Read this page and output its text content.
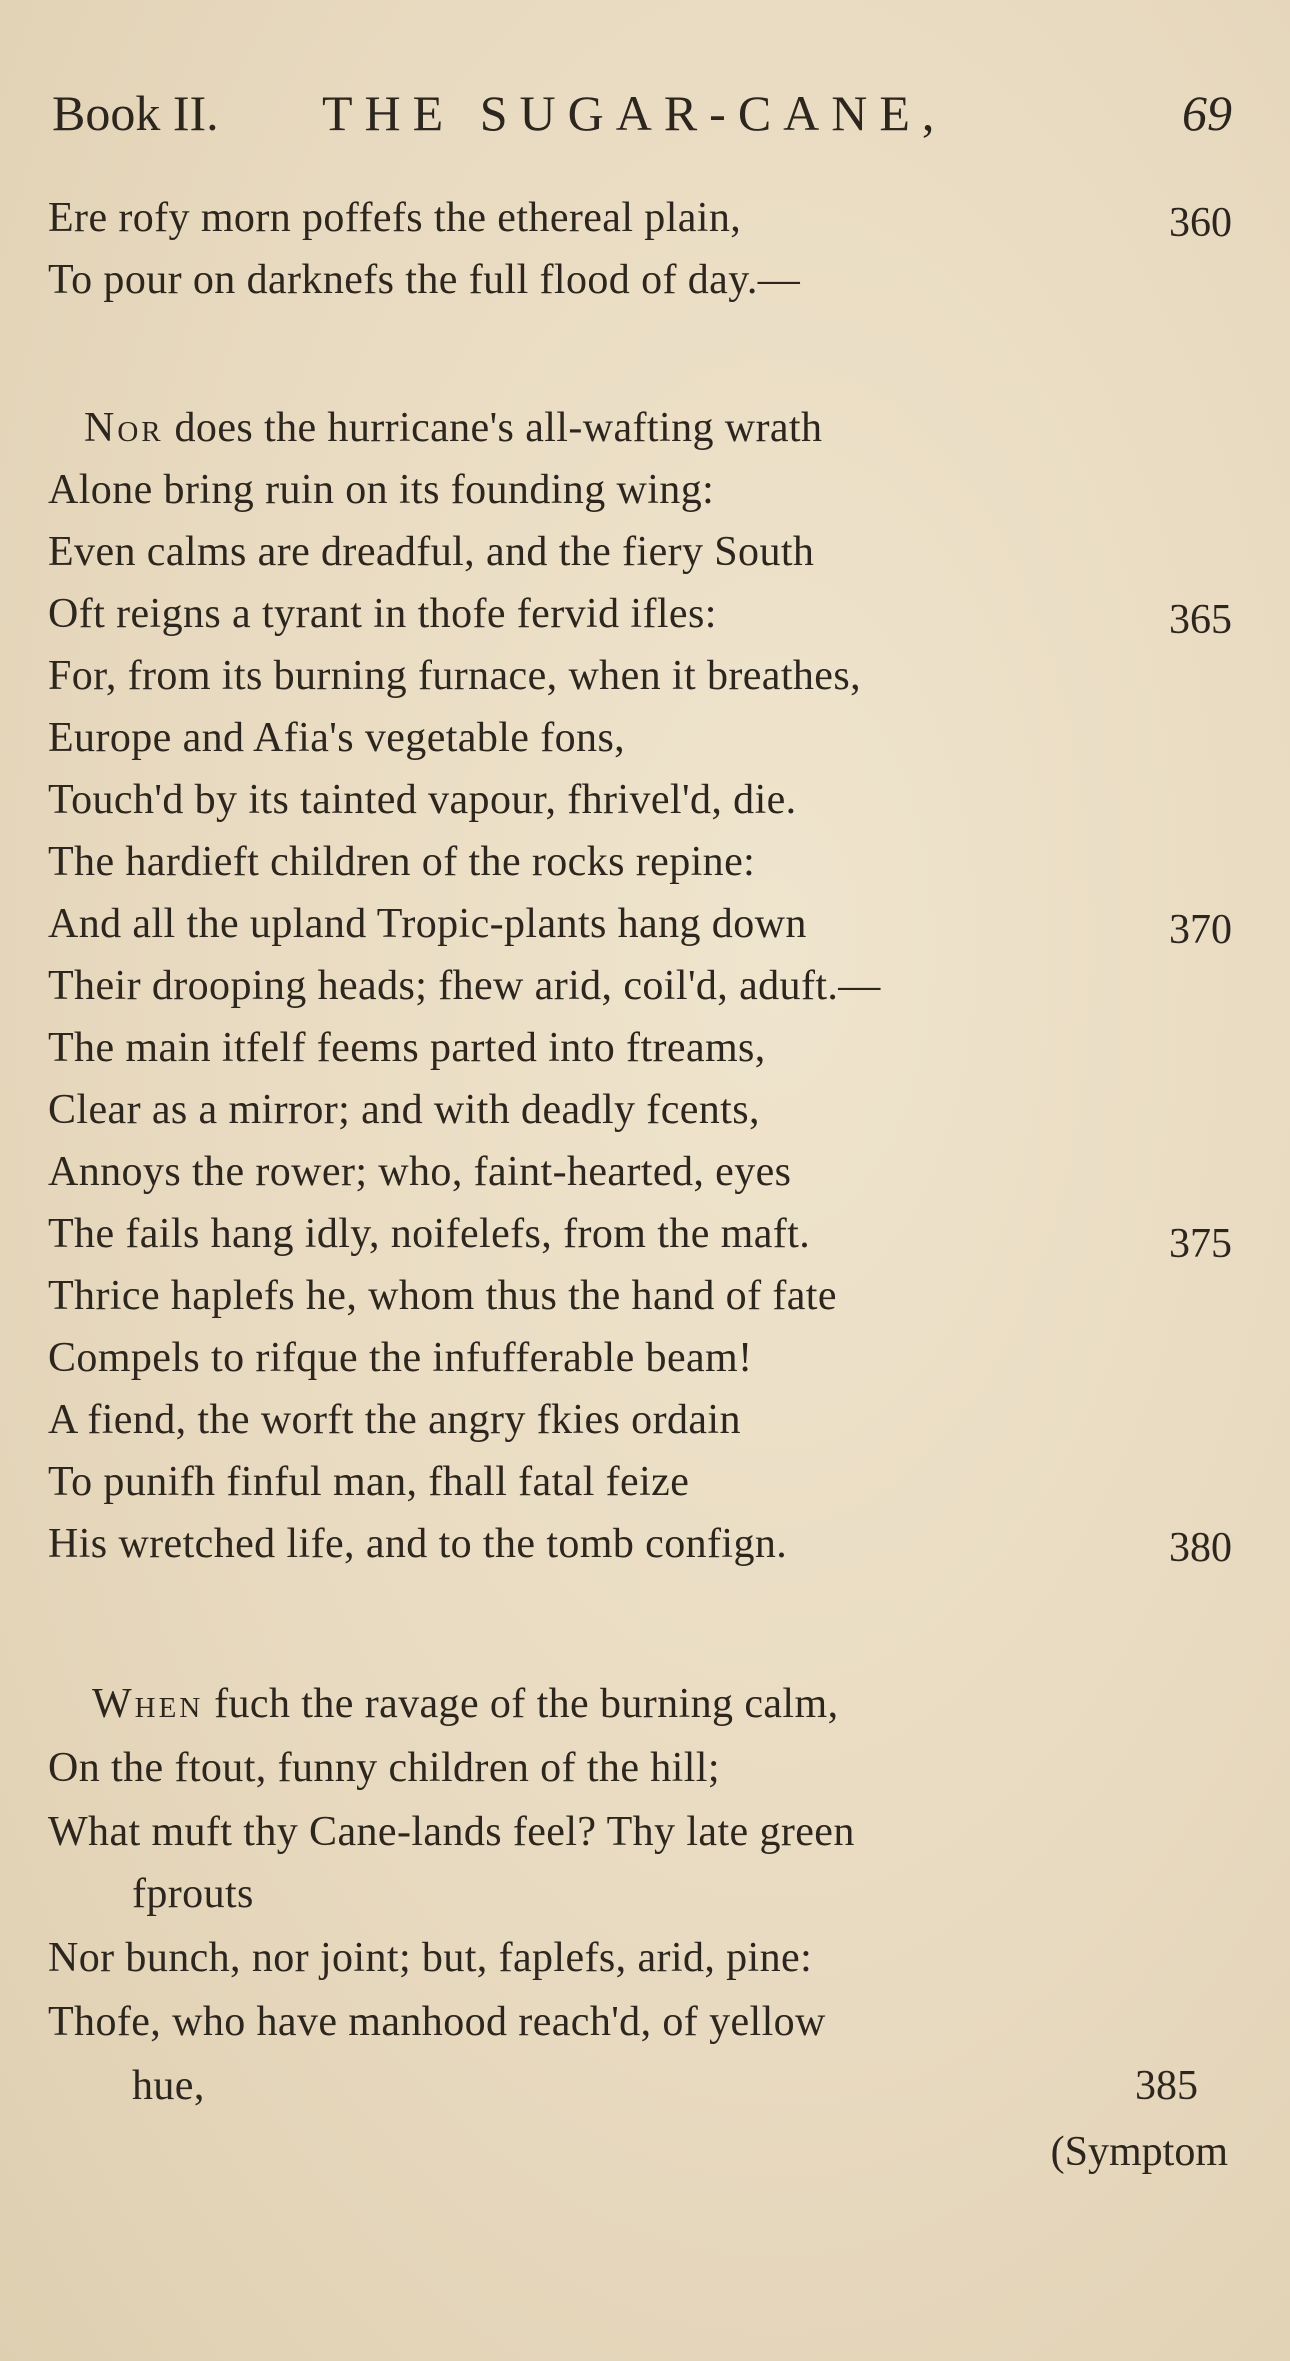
Book II. THE SUGAR-CANE,	69
Ere rofy morn poffefs the ethereal plain,	360
To pour on darknefs the full flood of day.—
Nor does the hurricane's all-wafting wrath
Alone bring ruin on its founding wing:
Even calms are dreadful, and the fiery South
Oft reigns a tyrant in thofe fervid ifles:	365
For, from its burning furnace, when it breathes,
Europe and Afia's vegetable fons,
Touch'd by its tainted vapour, fhrivel'd, die.
The hardieft children of the rocks repine:
And all the upland Tropic-plants hang down	370
Their drooping heads; fhew arid, coil'd, aduft.—
The main itfelf feems parted into ftreams,
Clear as a mirror; and with deadly fcents,
Annoys the rower; who, faint-hearted, eyes
The fails hang idly, noifelefs, from the maft.	375
Thrice haplefs he, whom thus the hand of fate
Compels to rifque the infufferable beam!
A fiend, the worft the angry fkies ordain
To punifh finful man, fhall fatal feize
His wretched life, and to the tomb confign.	380
When fuch the ravage of the burning calm,
On the ftout, funny children of the hill;
What muft thy Cane-lands feel? Thy late green
fprouts
Nor bunch, nor joint; but, faplefs, arid, pine:
Thofe, who have manhood reach'd, of yellow
hue,	385
(Symptom
